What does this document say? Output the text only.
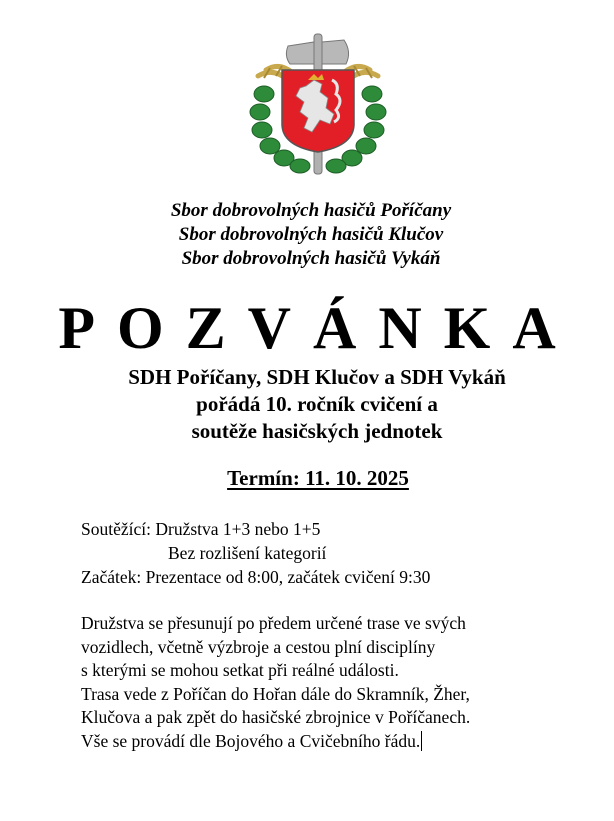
Sbor dobrovolných hasičů Poříčany
Sbor dobrovolných hasičů Klučov
Sbor dobrovolných hasičů Vykáň
POZVÁNKA
SDH Poříčany, SDH Klučov a SDH Vykáň
pořádá 10. ročník cvičení a
soutěže hasičských jednotek
Termín: 11. 10. 2025
Soutěžící: Družstva 1+3 nebo 1+5
Bez rozlišení kategorií
Začátek: Prezentace od 8:00, začátek cvičení 9:30
Družstva se přesunují po předem určené trase ve svých
vozidlech, včetně výzbroje a cestou plní disciplíny
s kterými se mohou setkat při reálné události.
Trasa vede z Poříčan do Hořan dále do Skramník, Žher,
Klučova a pak zpět do hasičské zbrojnice v Poříčanech.
Vše se provádí dle Bojového a Cvičebního řádu.
